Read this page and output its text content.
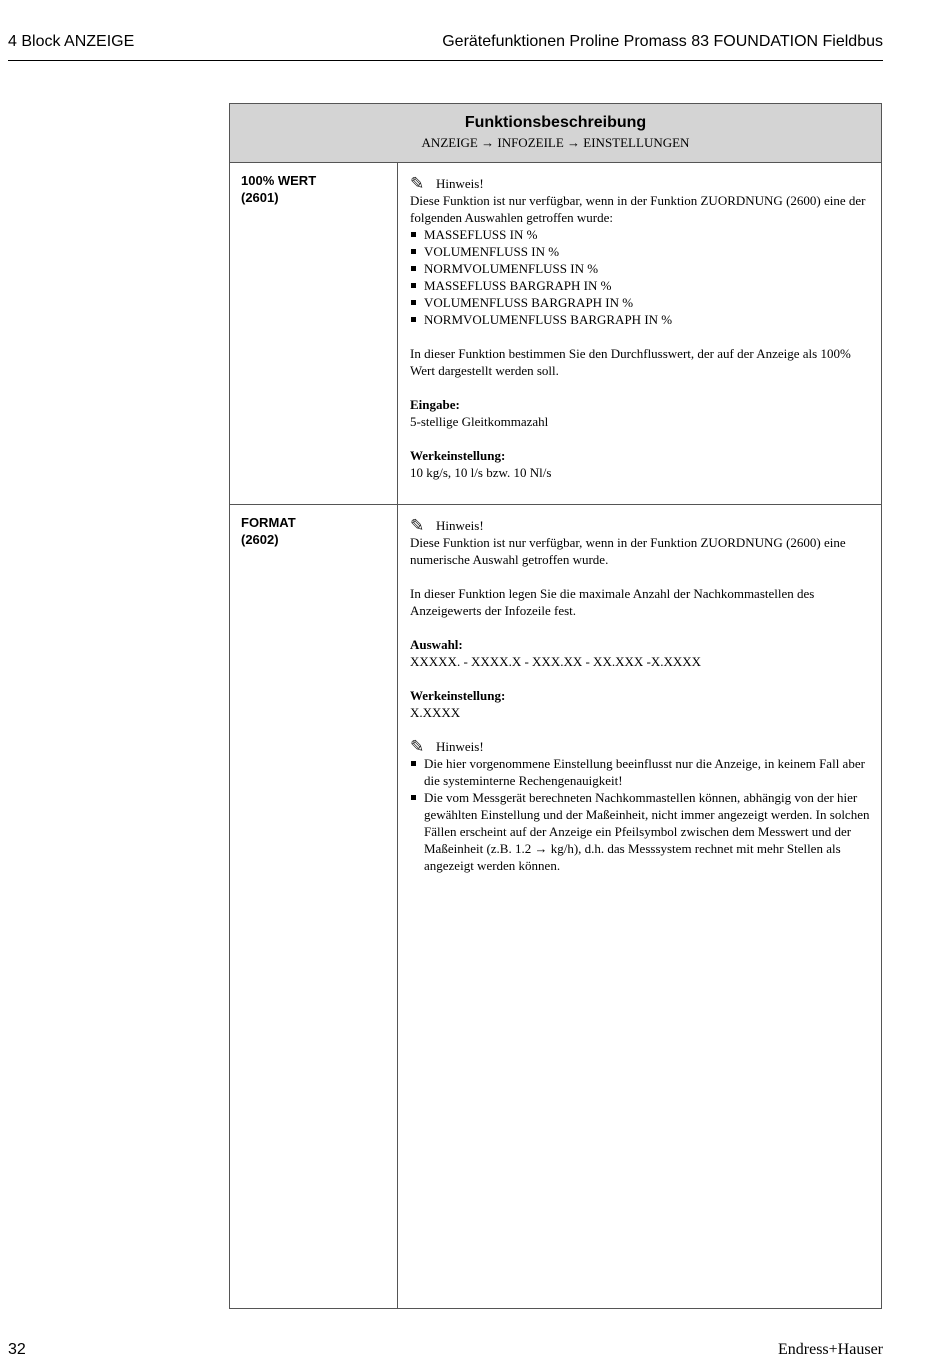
4 Block ANZEIGE	Gerätefunktionen Proline Promass 83 FOUNDATION Fieldbus
Funktionsbeschreibung
ANZEIGE → INFOZEILE → EINSTELLUNGEN
100% WERT
(2601)
✎ Hinweis!

Diese Funktion ist nur verfügbar, wenn in der Funktion ZUORDNUNG (2600) eine der folgenden Auswahlen getroffen wurde:

MASSEFLUSS IN %
VOLUMENFLUSS IN %
NORMVOLUMENFLUSS IN %
MASSEFLUSS BARGRAPH IN %
VOLUMENFLUSS BARGRAPH IN %
NORMVOLUMENFLUSS BARGRAPH IN %

In dieser Funktion bestimmen Sie den Durchflusswert, der auf der Anzeige als 100% Wert dargestellt werden soll.

Eingabe:
5-stellige Gleitkommazahl
Werkeinstellung:
10 kg/s, 10 l/s bzw. 10 Nl/s
FORMAT
(2602)
✎ Hinweis!

Diese Funktion ist nur verfügbar, wenn in der Funktion ZUORDNUNG (2600) eine numerische Auswahl getroffen wurde.

In dieser Funktion legen Sie die maximale Anzahl der Nachkommastellen des Anzeigewerts der Infozeile fest.

Auswahl:
XXXXX. - XXXX.X - XXX.XX - XX.XXX -X.XXXX
Werkeinstellung:
X.XXXX
✎ Hinweis!
Die hier vorgenommene Einstellung beeinflusst nur die Anzeige, in keinem Fall aber die systeminterne Rechengenauigkeit!
Die vom Messgerät berechneten Nachkommastellen können, abhängig von der hier gewählten Einstellung und der Maßeinheit, nicht immer angezeigt werden. In solchen Fällen erscheint auf der Anzeige ein Pfeilsymbol zwischen dem Messwert und der Maßeinheit (z.B. 1.2 → kg/h), d.h. das Messsystem rechnet mit mehr Stellen als angezeigt werden können.
32	Endress+Hauser
